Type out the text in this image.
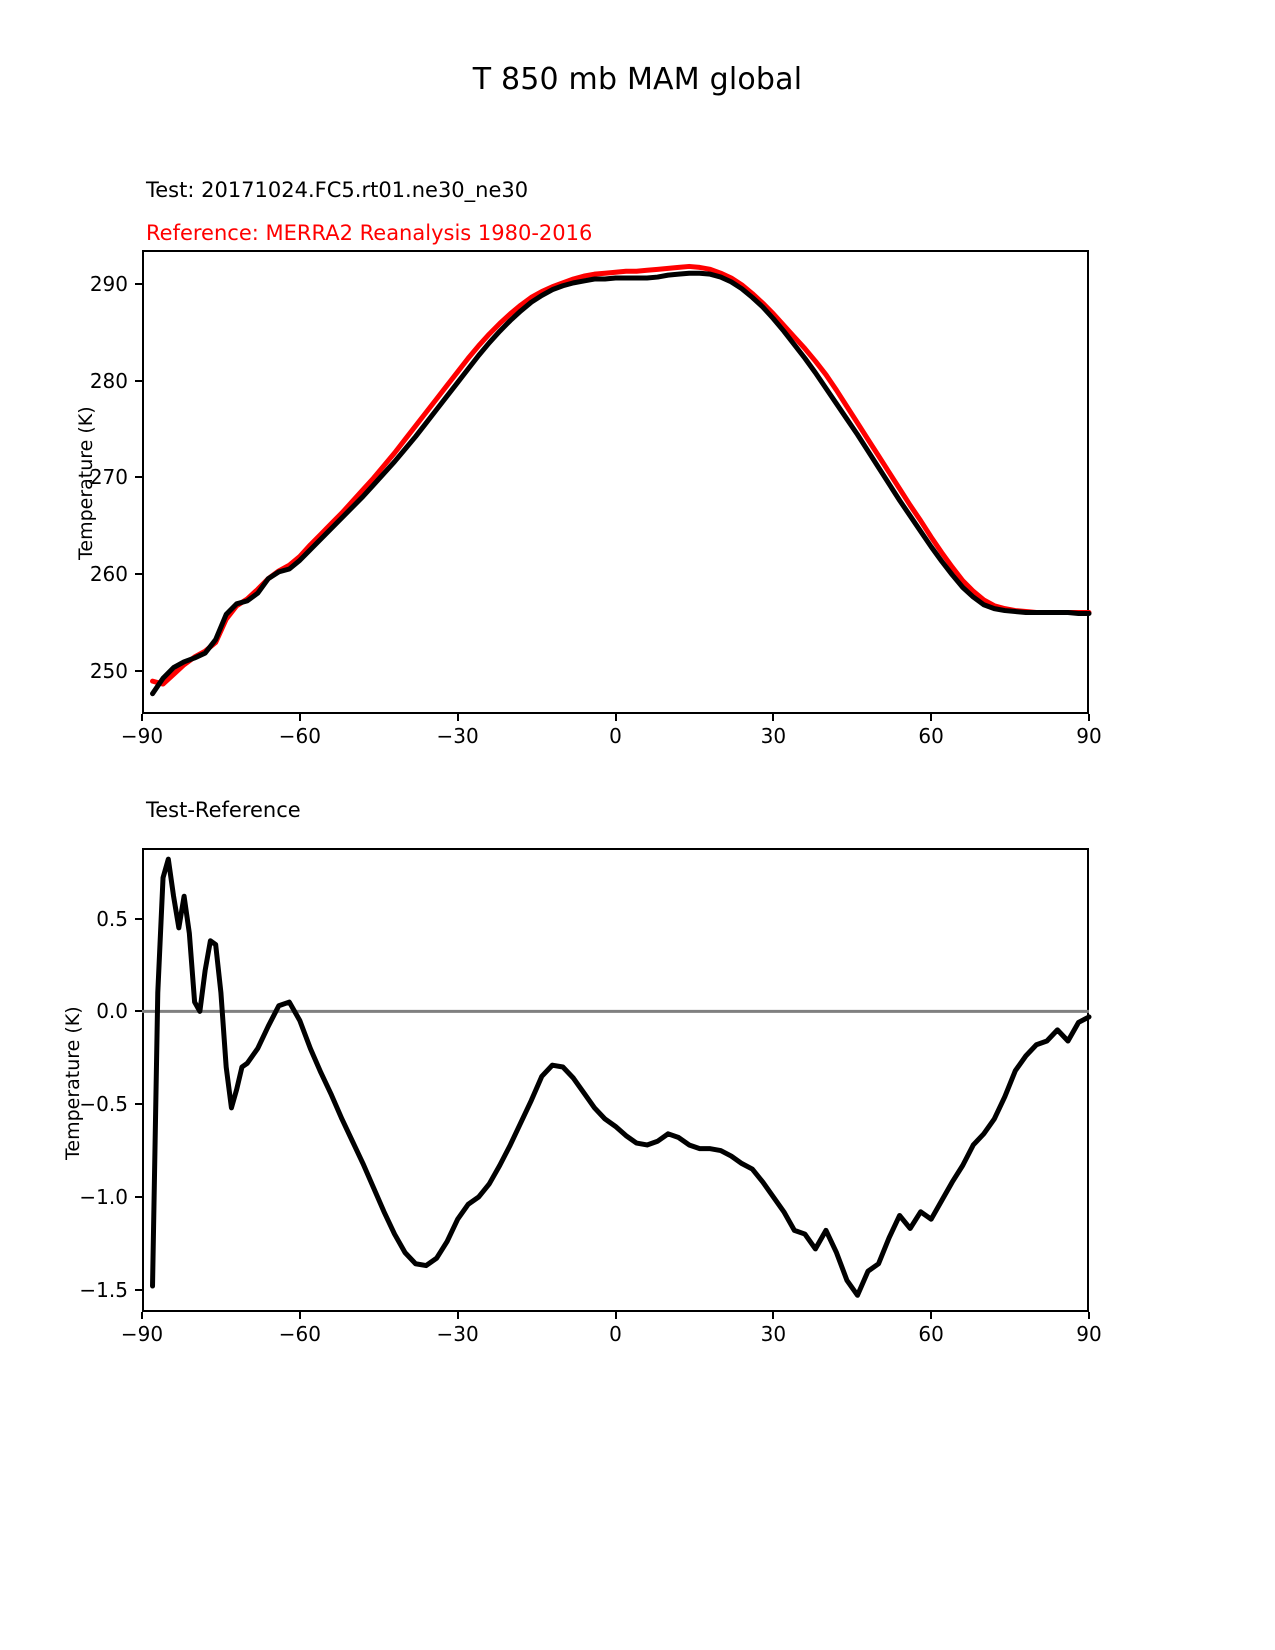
T 850 mb MAM global
Test: 20171024.FC5.rt01.ne30_ne30
Reference: MERRA2 Reanalysis 1980-2016
Temperature (K)
250
260
270
280
290
−90	−60	−30	0	30	60	90
Test-Reference
Temperature (K)
−1.5
−1.0
−0.5
0.0
0.5
−90	−60	−30	0	30	60	90
